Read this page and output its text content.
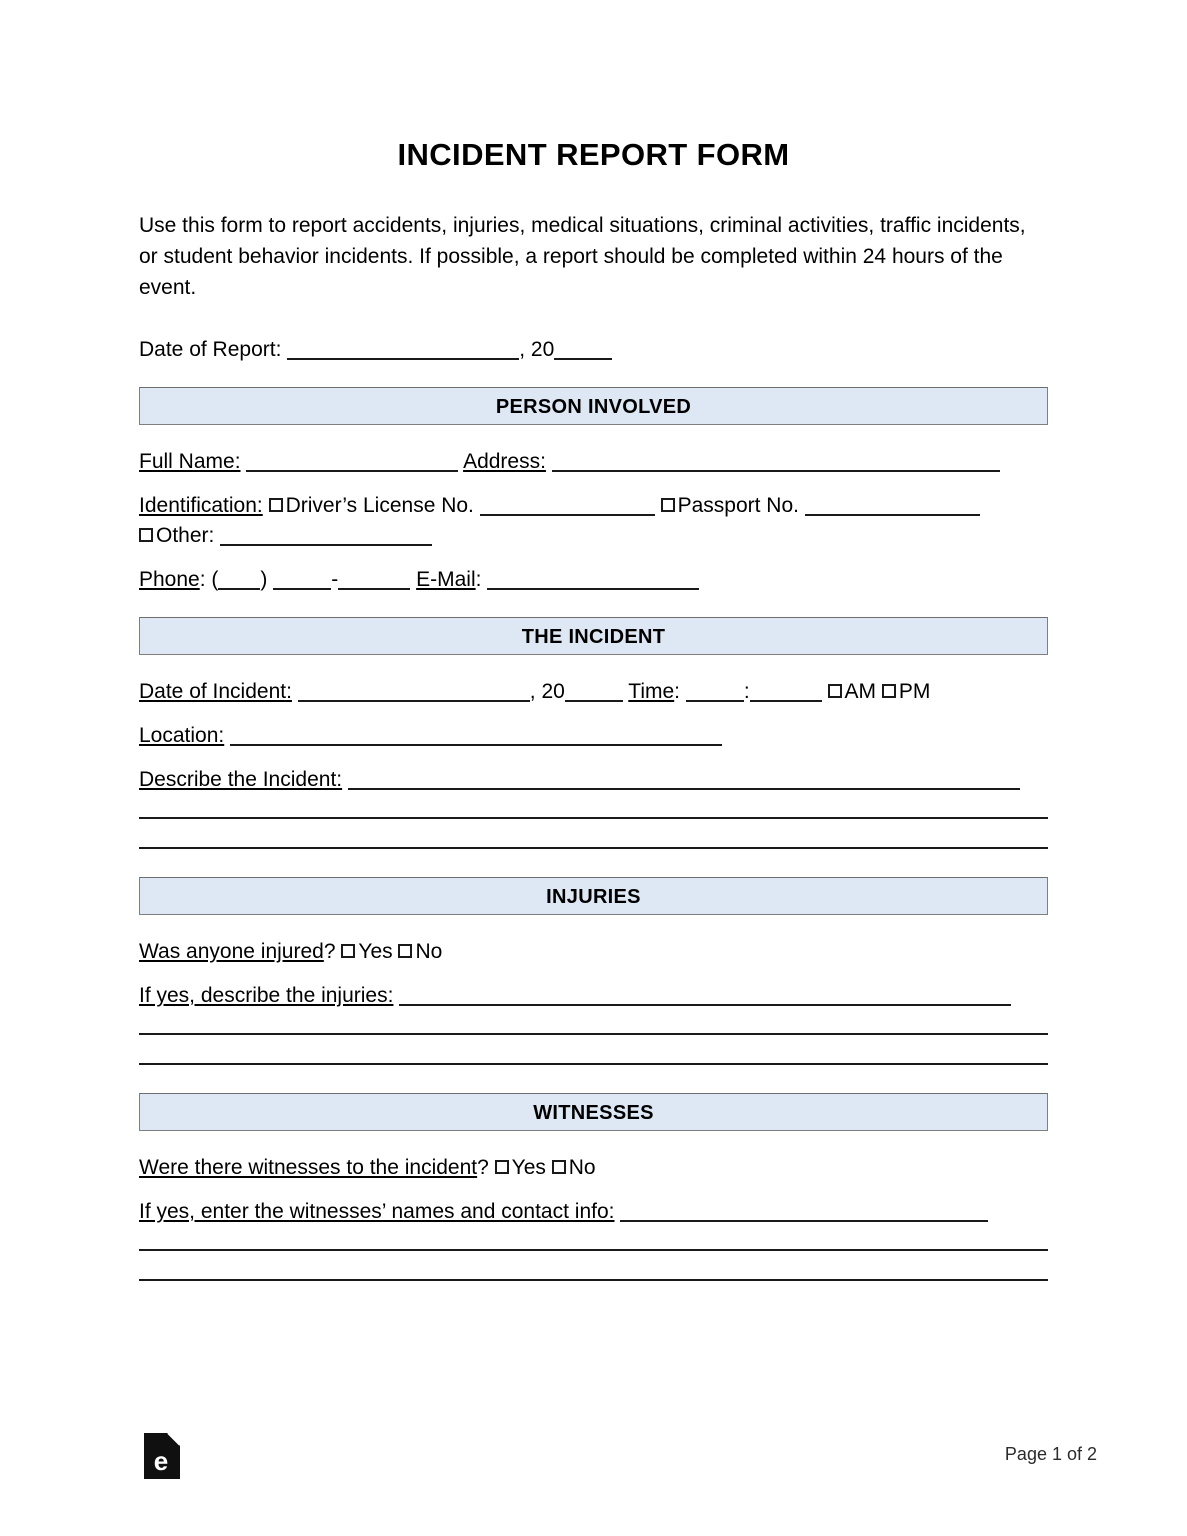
INCIDENT REPORT FORM

Use this form to report accidents, injuries, medical situations, criminal activities, traffic incidents, or student behavior incidents. If possible, a report should be completed within 24 hours of the event.

Date of Report:	, 20
PERSON INVOLVED
Full Name:	Address:
Identification: Driver’s License No.	Passport No.
Other:
Phone: ( )	-	E-Mail:
THE INCIDENT
Date of Incident:	, 20	Time:	:	AM PM
Location:
Describe the Incident:
INJURIES
Was anyone injured? Yes No
If yes, describe the injuries:
WITNESSES
Were there witnesses to the incident? Yes No
If yes, enter the witnesses’ names and contact info:
e	Page 1 of 2
